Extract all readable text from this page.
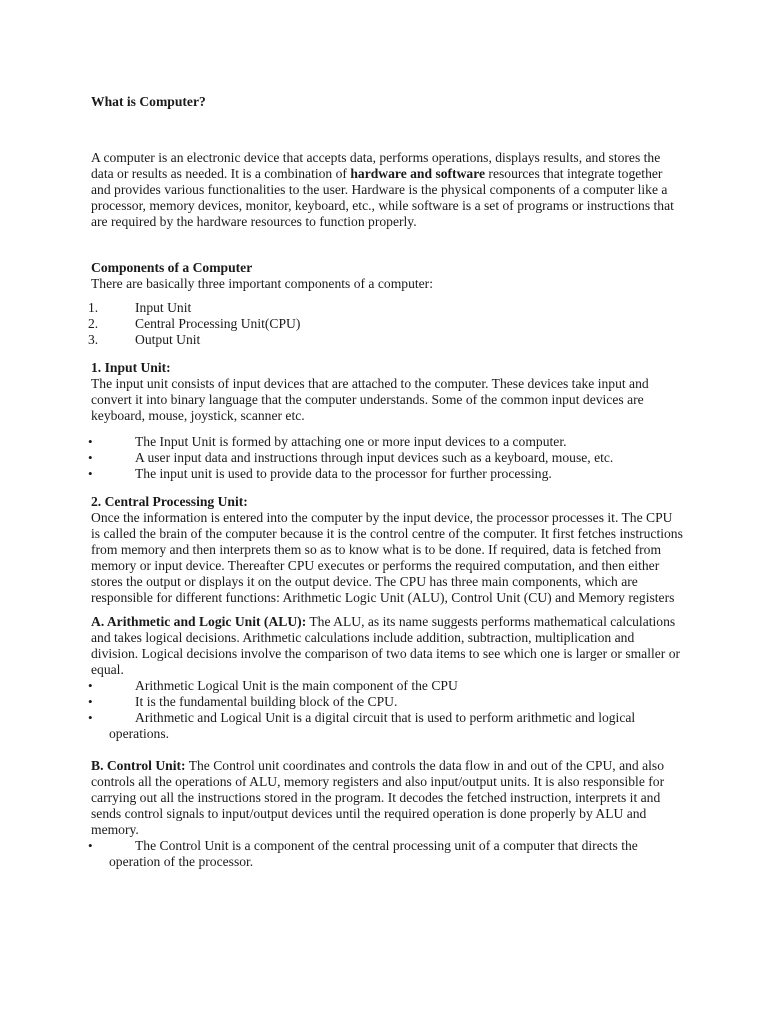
What is Computer?

A computer is an electronic device that accepts data, performs operations, displays results, and stores the data or results as needed. It is a combination of hardware and software resources that integrate together and provides various functionalities to the user. Hardware is the physical components of a computer like a processor, memory devices, monitor, keyboard, etc., while software is a set of programs or instructions that are required by the hardware resources to function properly.

Components of a Computer

There are basically three important components of a computer:

1.	Input Unit
2.	Central Processing Unit(CPU)
3.	Output Unit

1. Input Unit:

The input unit consists of input devices that are attached to the computer. These devices take input and convert it into binary language that the computer understands. Some of the common input devices are keyboard, mouse, joystick, scanner etc.

•	The Input Unit is formed by attaching one or more input devices to a computer.
•	A user input data and instructions through input devices such as a keyboard, mouse, etc.
•	The input unit is used to provide data to the processor for further processing.

2. Central Processing Unit:

Once the information is entered into the computer by the input device, the processor processes it. The CPU is called the brain of the computer because it is the control centre of the computer. It first fetches instructions from memory and then interprets them so as to know what is to be done. If required, data is fetched from memory or input device. Thereafter CPU executes or performs the required computation, and then either stores the output or displays it on the output device. The CPU has three main components, which are responsible for different functions: Arithmetic Logic Unit (ALU), Control Unit (CU) and Memory registers

A. Arithmetic and Logic Unit (ALU): The ALU, as its name suggests performs mathematical calculations and takes logical decisions. Arithmetic calculations include addition, subtraction, multiplication and division. Logical decisions involve the comparison of two data items to see which one is larger or smaller or equal.

•	Arithmetic Logical Unit is the main component of the CPU
•	It is the fundamental building block of the CPU.
•	Arithmetic and Logical Unit is a digital circuit that is used to perform arithmetic and logical operations.

B. Control Unit: The Control unit coordinates and controls the data flow in and out of the CPU, and also controls all the operations of ALU, memory registers and also input/output units. It is also responsible for carrying out all the instructions stored in the program. It decodes the fetched instruction, interprets it and sends control signals to input/output devices until the required operation is done properly by ALU and memory.

•	The Control Unit is a component of the central processing unit of a computer that directs the operation of the processor.
